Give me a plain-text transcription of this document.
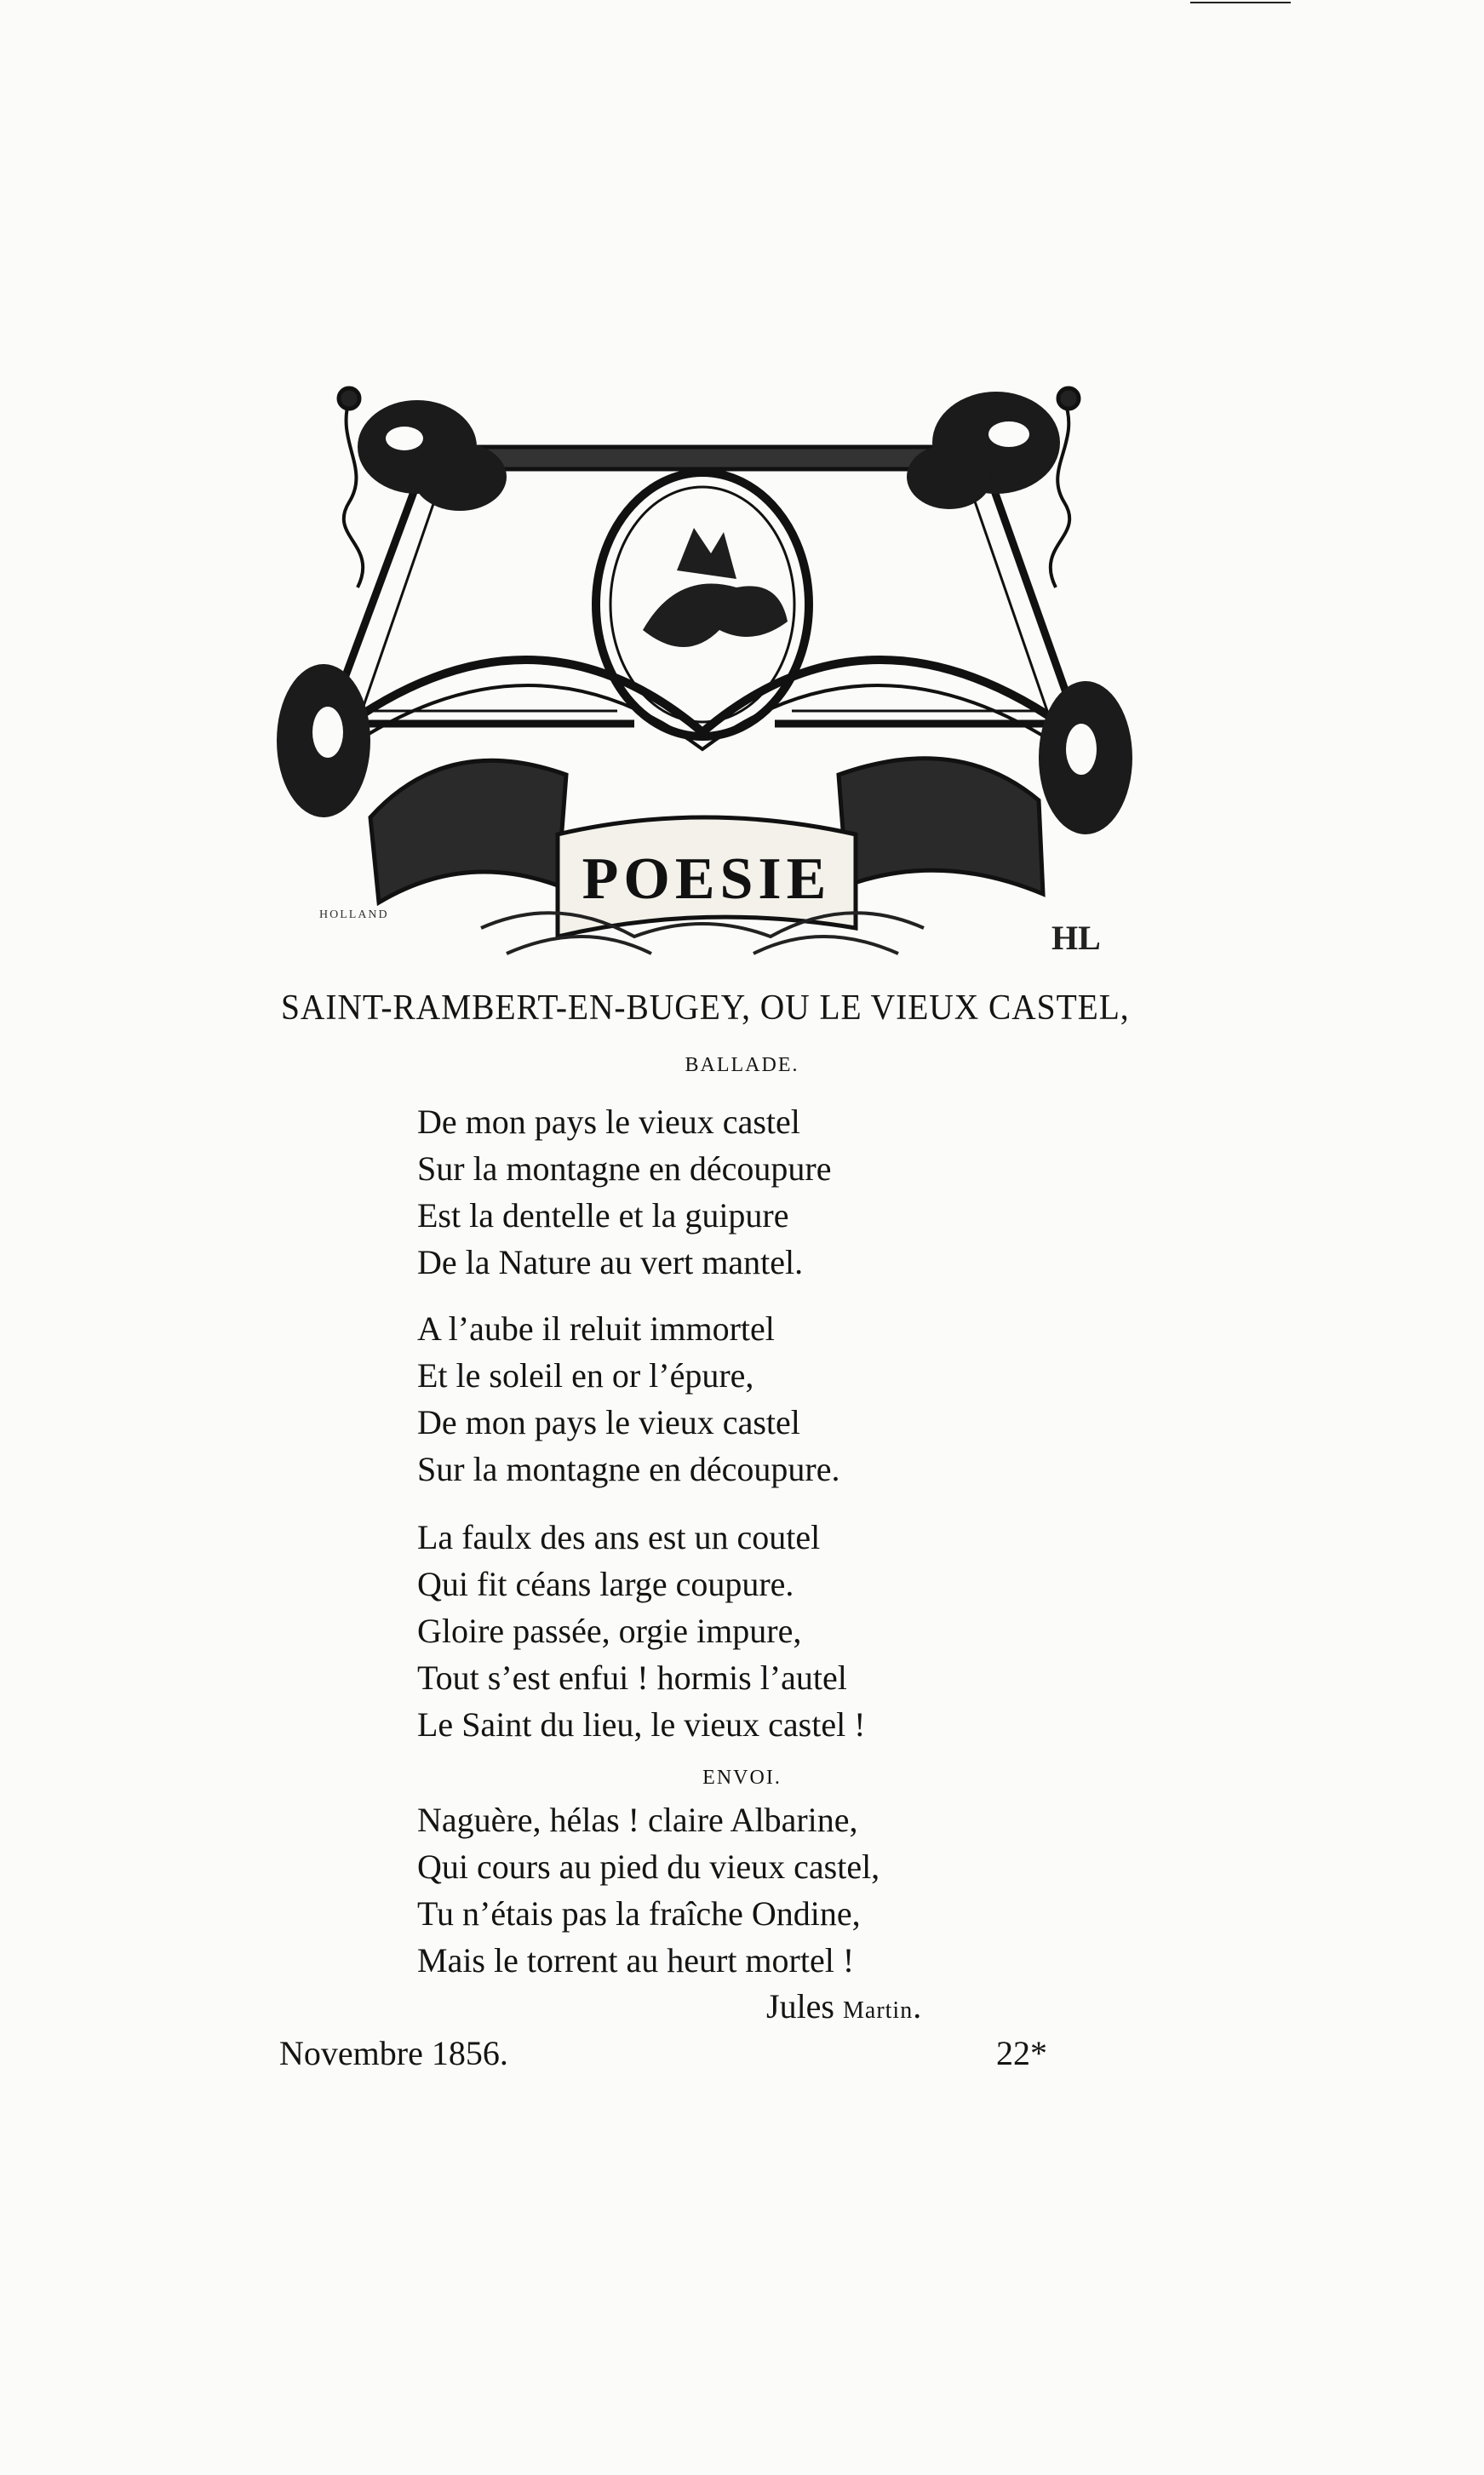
POESIE
HOLLAND
HL
SAINT-RAMBERT-EN-BUGEY, OU LE VIEUX CASTEL,
BALLADE.
De mon pays le vieux castel
Sur la montagne en découpure
Est la dentelle et la guipure
De la Nature au vert mantel.
A l’aube il reluit immortel
Et le soleil en or l’épure,
De mon pays le vieux castel
Sur la montagne en découpure.
La faulx des ans est un coutel
Qui fit céans large coupure.
Gloire passée, orgie impure,
Tout s’est enfui ! hormis l’autel
Le Saint du lieu, le vieux castel !
ENVOI.
Naguère, hélas ! claire Albarine,
Qui cours au pied du vieux castel,
Tu n’étais pas la fraîche Ondine,
Mais le torrent au heurt mortel !
Jules Martin.
Novembre 1856.	22*
